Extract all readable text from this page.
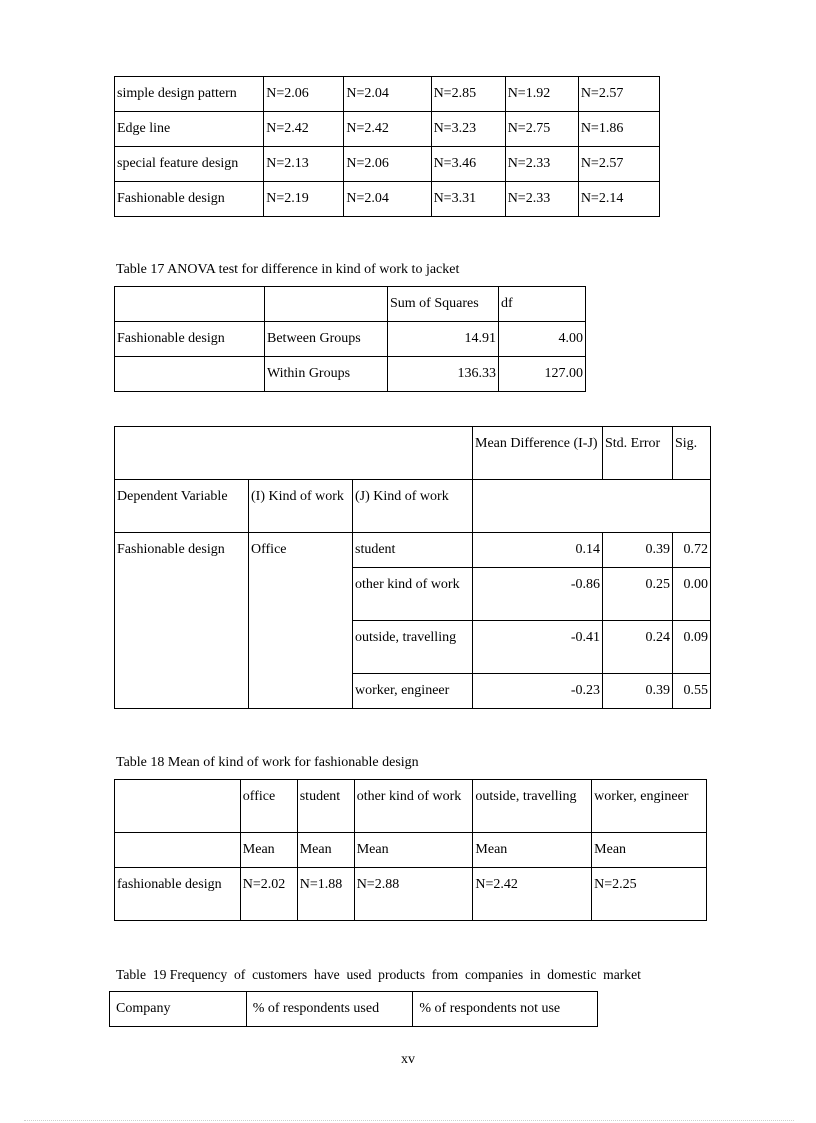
simple design pattern	N=2.06	N=2.04	N=2.85	N=1.92	N=2.57
Edge line	N=2.42	N=2.42	N=3.23	N=2.75	N=1.86
special feature design	N=2.13	N=2.06	N=3.46	N=2.33	N=2.57
Fashionable design	N=2.19	N=2.04	N=3.31	N=2.33	N=2.14
Table 17 ANOVA test for difference in kind of work to jacket
		Sum of Squares	df
Fashionable design	Between Groups	14.91	4.00
	Within Groups	136.33	127.00
			Mean Difference (I-J)	Std. Error	Sig.
Dependent Variable	(I) Kind of work	(J) Kind of work			
Fashionable design	Office	student	0.14	0.39	0.72
		other kind of work	-0.86	0.25	0.00
		outside, travelling	-0.41	0.24	0.09
		worker, engineer	-0.23	0.39	0.55
Table 18 Mean of kind of work for fashionable design
	office	student	other kind of work	outside, travelling	worker, engineer
	Mean	Mean	Mean	Mean	Mean
fashionable design	N=2.02	N=1.88	N=2.88	N=2.42	N=2.25
Table  19 Frequency  of  customers  have  used  products  from  companies  in  domestic  market
Company	% of respondents used	% of respondents not use
xv
